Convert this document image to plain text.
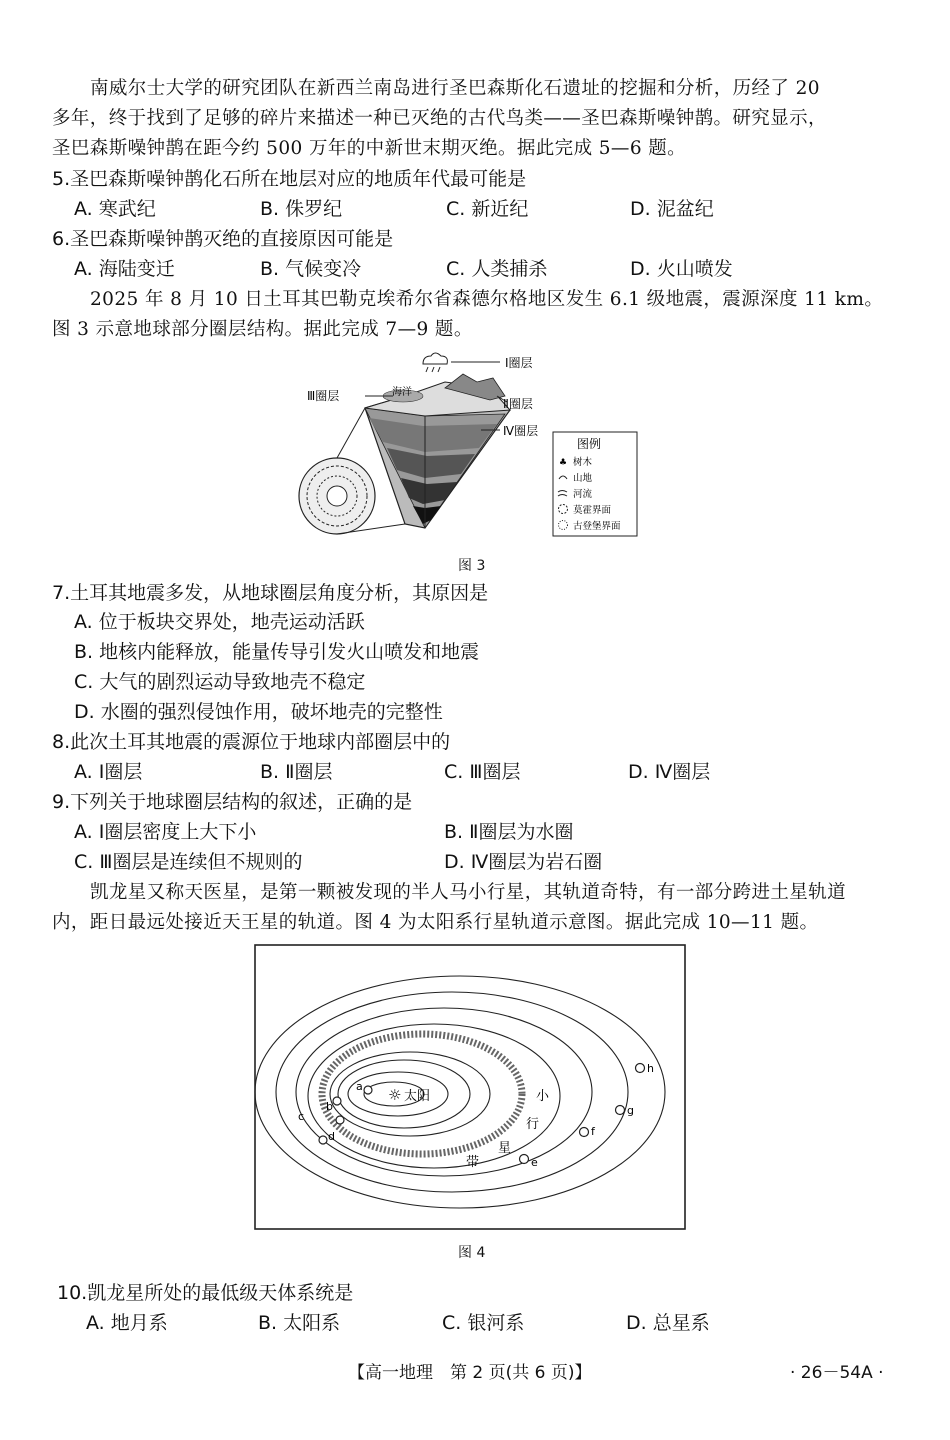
南威尔士大学的研究团队在新西兰南岛进行圣巴森斯化石遗址的挖掘和分析，历经了 20
多年，终于找到了足够的碎片来描述一种已灭绝的古代鸟类——圣巴森斯噪钟鹊。研究显示，
圣巴森斯噪钟鹊在距今约 500 万年的中新世末期灭绝。据此完成 5—6 题。
5.圣巴森斯噪钟鹊化石所在地层对应的地质年代最可能是
A. 寒武纪	B. 侏罗纪	C. 新近纪	D. 泥盆纪
6.圣巴森斯噪钟鹊灭绝的直接原因可能是
A. 海陆变迁	B. 气候变冷	C. 人类捕杀	D. 火山喷发
2025 年 8 月 10 日土耳其巴勒克埃希尔省森德尔格地区发生 6.1 级地震，震源深度 11 km。
图 3 示意地球部分圈层结构。据此完成 7—9 题。
Ⅰ圈层
Ⅲ圈层	海洋
Ⅱ圈层
Ⅳ圈层
图例
♣ 树木
山地
河流
莫霍界面
古登堡界面
图 3
7.土耳其地震多发，从地球圈层角度分析，其原因是
A. 位于板块交界处，地壳运动活跃
B. 地核内能释放，能量传导引发火山喷发和地震
C. 大气的剧烈运动导致地壳不稳定
D. 水圈的强烈侵蚀作用，破坏地壳的完整性
8.此次土耳其地震的震源位于地球内部圈层中的
A. Ⅰ圈层	B. Ⅱ圈层	C. Ⅲ圈层	D. Ⅳ圈层
9.下列关于地球圈层结构的叙述，正确的是
A. Ⅰ圈层密度上大下小	B. Ⅱ圈层为水圈
C. Ⅲ圈层是连续但不规则的	D. Ⅳ圈层为岩石圈
凯龙星又称天医星，是第一颗被发现的半人马小行星，其轨道奇特，有一部分跨进土星轨道
内，距日最远处接近天王星的轨道。图 4 为太阳系行星轨道示意图。据此完成 10—11 题。
☼ 太阳	小
行
星
带
a
b
c
d
e
f
g
h
图 4
10.凯龙星所处的最低级天体系统是
A. 地月系	B. 太阳系	C. 银河系	D. 总星系
【高一地理　第 2 页(共 6 页)】	· 26－54A ·
